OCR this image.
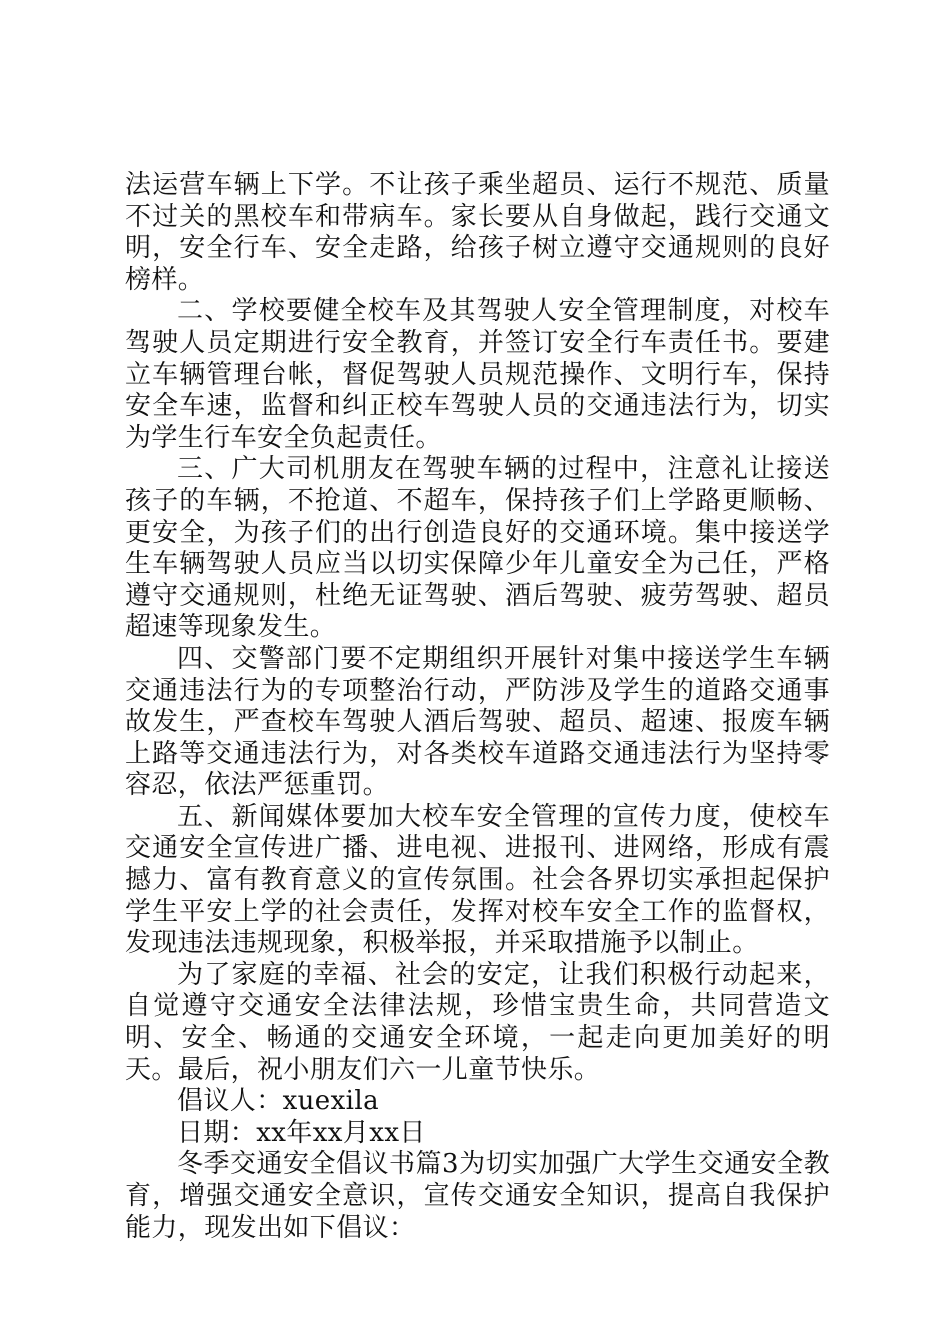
法运营车辆上下学。不让孩子乘坐超员、运行不规范、质量不过关的黑校车和带病车。家长要从自身做起，践行交通文明，安全行车、安全走路，给孩子树立遵守交通规则的良好榜样。

二、学校要健全校车及其驾驶人安全管理制度，对校车驾驶人员定期进行安全教育，并签订安全行车责任书。要建立车辆管理台帐，督促驾驶人员规范操作、文明行车，保持安全车速，监督和纠正校车驾驶人员的交通违法行为，切实为学生行车安全负起责任。

三、广大司机朋友在驾驶车辆的过程中，注意礼让接送孩子的车辆，不抢道、不超车，保持孩子们上学路更顺畅、更安全，为孩子们的出行创造良好的交通环境。集中接送学生车辆驾驶人员应当以切实保障少年儿童安全为己任，严格遵守交通规则，杜绝无证驾驶、酒后驾驶、疲劳驾驶、超员超速等现象发生。

四、交警部门要不定期组织开展针对集中接送学生车辆交通违法行为的专项整治行动，严防涉及学生的道路交通事故发生，严查校车驾驶人酒后驾驶、超员、超速、报废车辆上路等交通违法行为，对各类校车道路交通违法行为坚持零容忍，依法严惩重罚。

五、新闻媒体要加大校车安全管理的宣传力度，使校车交通安全宣传进广播、进电视、进报刊、进网络，形成有震撼力、富有教育意义的宣传氛围。社会各界切实承担起保护学生平安上学的社会责任，发挥对校车安全工作的监督权，发现违法违规现象，积极举报，并采取措施予以制止。

为了家庭的幸福、社会的安定，让我们积极行动起来，自觉遵守交通安全法律法规，珍惜宝贵生命，共同营造文明、安全、畅通的交通安全环境，一起走向更加美好的明天。最后，祝小朋友们六一儿童节快乐。

倡议人：xuexila

日期：xx年xx月xx日

冬季交通安全倡议书篇3为切实加强广大学生交通安全教育，增强交通安全意识，宣传交通安全知识，提高自我保护能力，现发出如下倡议：
